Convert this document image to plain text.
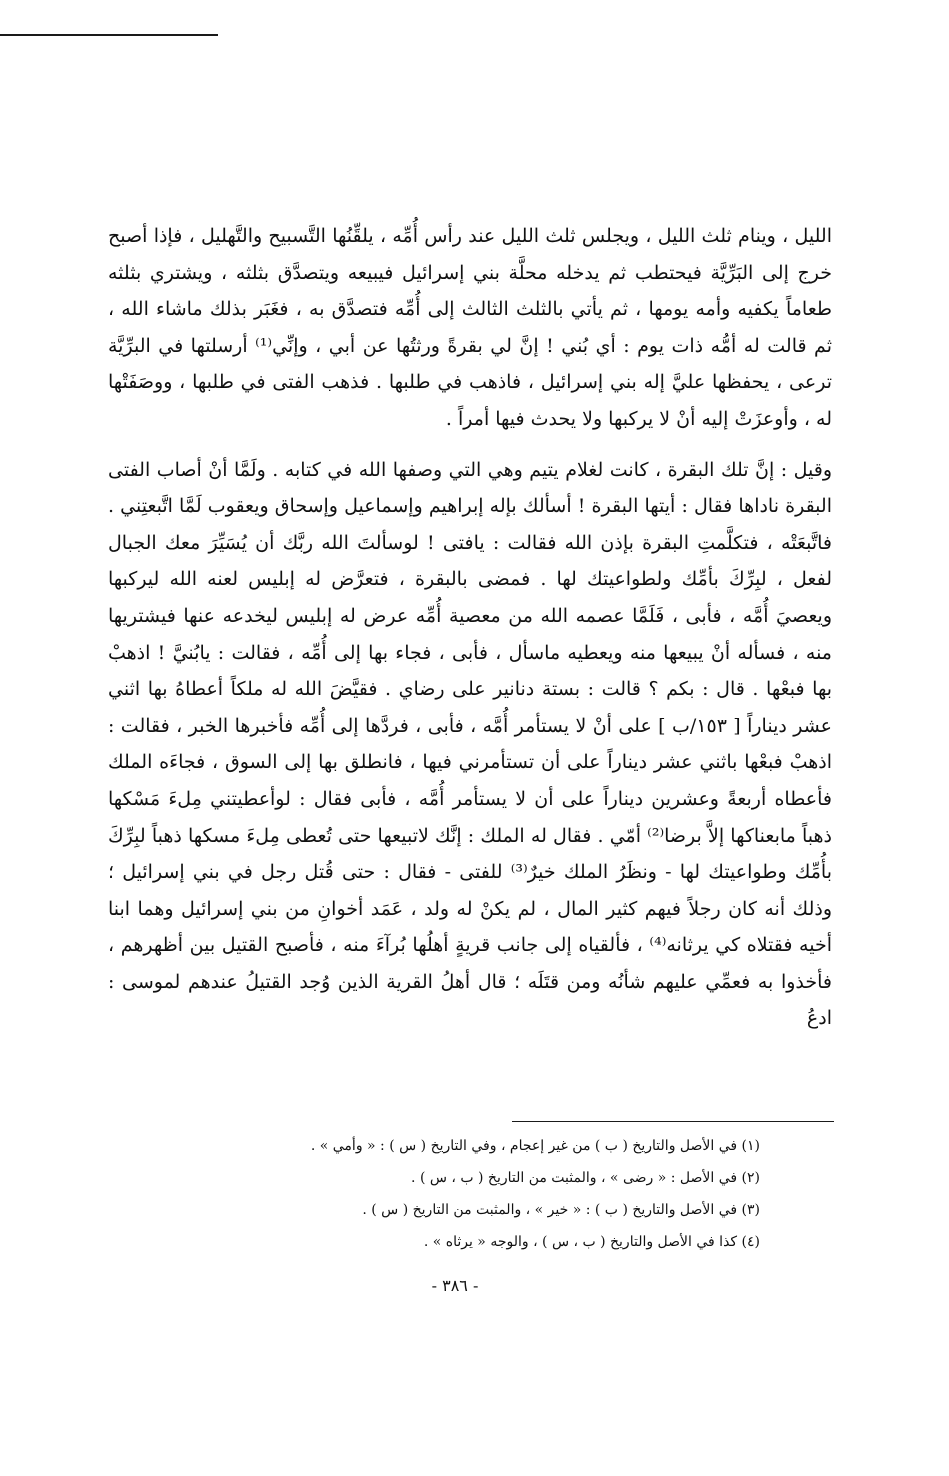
الليل ، وينام ثلث الليل ، ويجلس ثلث الليل عند رأس أُمِّه ، يلقِّنُها التَّسبيح والتَّهليل ، فإذا أصبح خرج إلى البَرِّيَّة فيحتطب ثم يدخله محلَّة بني إسرائيل فيبيعه ويتصدَّق بثلثه ، ويشتري بثلثه طعاماً يكفيه وأمه يومها ، ثم يأتي بالثلث الثالث إلى أُمِّه فتصدَّق به ، فغَبَر بذلك ماشاء الله ، ثم قالت له أمُّه ذات يوم : أي بُني ! إنَّ لي بقرةً ورثتُها عن أبي ، وإنِّي⁽¹⁾ أرسلتها في البرِّيَّة ترعى ، يحفظها عليَّ إله بني إسرائيل ، فاذهب في طلبها . فذهب الفتى في طلبها ، ووصَفَتْها له ، وأوعزَتْ إليه أنْ لا يركبها ولا يحدث فيها أمراً .

وقيل : إنَّ تلك البقرة ، كانت لغلام يتيم وهي التي وصفها الله في كتابه . ولَمَّا أنْ أصاب الفتى البقرة ناداها فقال : أيتها البقرة ! أسألك بإله إبراهيم وإسماعيل وإسحاق ويعقوب لَمَّا اتَّبعتِني . فاتَّبعَتْه ، فتكلَّمتِ البقرة بإذن الله فقالت : يافتى ! لوسألتَ الله ربَّك أن يُسَيِّرَ معك الجبال لفعل ، لبِرِّكَ بأمِّك ولطواعيتك لها . فمضى بالبقرة ، فتعرَّض له إبليس لعنه الله ليركبها ويعصيَ أُمَّه ، فأبى ، فَلَمَّا عصمه الله من معصية أُمِّه عرض له إبليس ليخدعه عنها فيشتريها منه ، فسأله أنْ يبيعها منه ويعطيه ماسأل ، فأبى ، فجاء بها إلى أُمِّه ، فقالت : يابُنيَّ ! اذهبْ بها فبعْها . قال : بكم ؟ قالت : بستة دنانير على رضاي . فقيَّضَ الله له ملكاً أعطاهُ بها اثني عشر ديناراً [ ١٥٣/ب ] على أنْ لا يستأمر أُمَّه ، فأبى ، فردَّها إلى أُمِّه فأخبرها الخبر ، فقالت : اذهبْ فبعْها باثني عشر ديناراً على أن تستأمرني فيها ، فانطلق بها إلى السوق ، فجاءَه الملك فأعطاه أربعةً وعشرين ديناراً على أن لا يستأمر أُمَّه ، فأبى فقال : لوأعطيتني مِلءَ مَسْكها ذهباً مابعناكها إلاَّ برضا⁽²⁾ أمّي . فقال له الملك : إنَّك لاتبيعها حتى تُعطى مِلءَ مسكها ذهباً لبِرِّكَ بأُمِّك وطواعيتك لها - ونظَرُ الملك خيرٌ⁽³⁾ للفتى - فقال : حتى قُتل رجل في بني إسرائيل ؛ وذلك أنه كان رجلاً فيهم كثير المال ، لم يكنْ له ولد ، عَمَد أخوانِ من بني إسرائيل وهما ابنا أخيه فقتلاه كي يرثانه⁽⁴⁾ ، فألقياه إلى جانب قريةٍ أهلُها بُرآءَ منه ، فأصبح القتيل بين أظهرهم ، فأخذوا به فعمِّي عليهم شأنُه ومن قتَلَه ؛ قال أهلُ القرية الذين وُجد القتيلُ عندهم لموسى : ادعُ

(١) في الأصل والتاريخ ( ب ) من غير إعجام ، وفي التاريخ ( س ) : « وأمي » .

(٢) في الأصل : « رضى » ، والمثبت من التاريخ ( ب ، س ) .

(٣) في الأصل والتاريخ ( ب ) : « خير » ، والمثبت من التاريخ ( س ) .

(٤) كذا في الأصل والتاريخ ( ب ، س ) ، والوجه « يرثاه » .

- ٣٨٦ -
